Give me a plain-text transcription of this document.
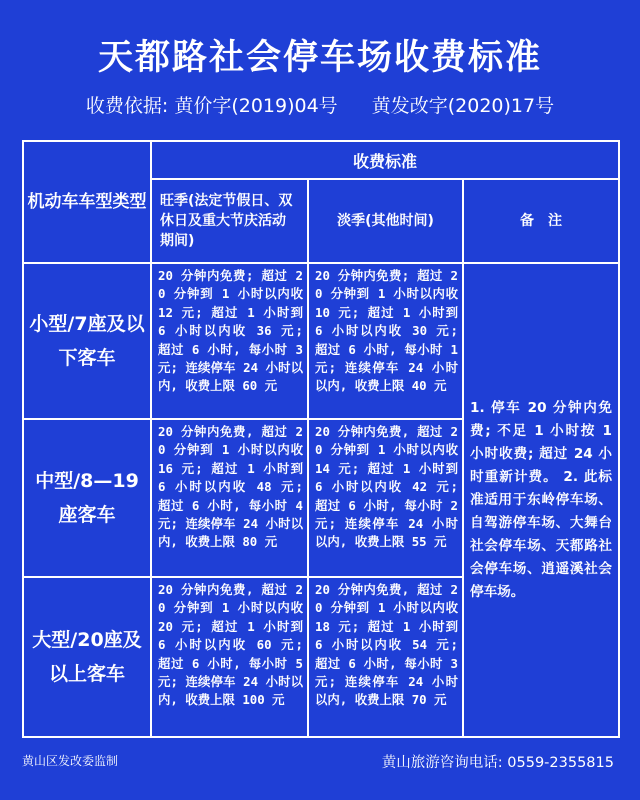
天都路社会停车场收费标准
收费依据: 黄价字(2019)04号 黄发改字(2020)17号
机动车车型类型	收费标准		
	旺季(法定节假日、双休日及重大节庆活动期间)	淡季(其他时间)	备　注
小型/7座及以下客车	20 分钟内免费; 超过 20 分钟到 1 小时以内收 12 元; 超过 1 小时到 6 小时以内收 36 元; 超过 6 小时, 每小时 3 元; 连续停车 24 小时以内, 收费上限 60 元	20 分钟内免费; 超过 20 分钟到 1 小时以内收 10 元; 超过 1 小时到 6 小时以内收 30 元; 超过 6 小时, 每小时 1 元; 连续停车 24 小时以内, 收费上限 40 元	1. 停车 20 分钟内免费; 不足 1 小时按 1 小时收费; 超过 24 小时重新计费。 2. 此标准适用于东岭停车场、自驾游停车场、大舞台社会停车场、天都路社会停车场、逍遥溪社会停车场。
中型/8—19座客车	20 分钟内免费, 超过 20 分钟到 1 小时以内收 16 元; 超过 1 小时到 6 小时以内收 48 元; 超过 6 小时, 每小时 4 元; 连续停车 24 小时以内, 收费上限 80 元	20 分钟内免费, 超过 20 分钟到 1 小时以内收 14 元; 超过 1 小时到 6 小时以内收 42 元; 超过 6 小时, 每小时 2 元; 连续停车 24 小时以内, 收费上限 55 元	
大型/20座及以上客车	20 分钟内免费, 超过 20 分钟到 1 小时以内收 20 元; 超过 1 小时到 6 小时以内收 60 元; 超过 6 小时, 每小时 5 元; 连续停车 24 小时以内, 收费上限 100 元	20 分钟内免费, 超过 20 分钟到 1 小时以内收 18 元; 超过 1 小时到 6 小时以内收 54 元; 超过 6 小时, 每小时 3 元; 连续停车 24 小时以内, 收费上限 70 元	
黄山区发改委监制	黄山旅游咨询电话: 0559-2355815
